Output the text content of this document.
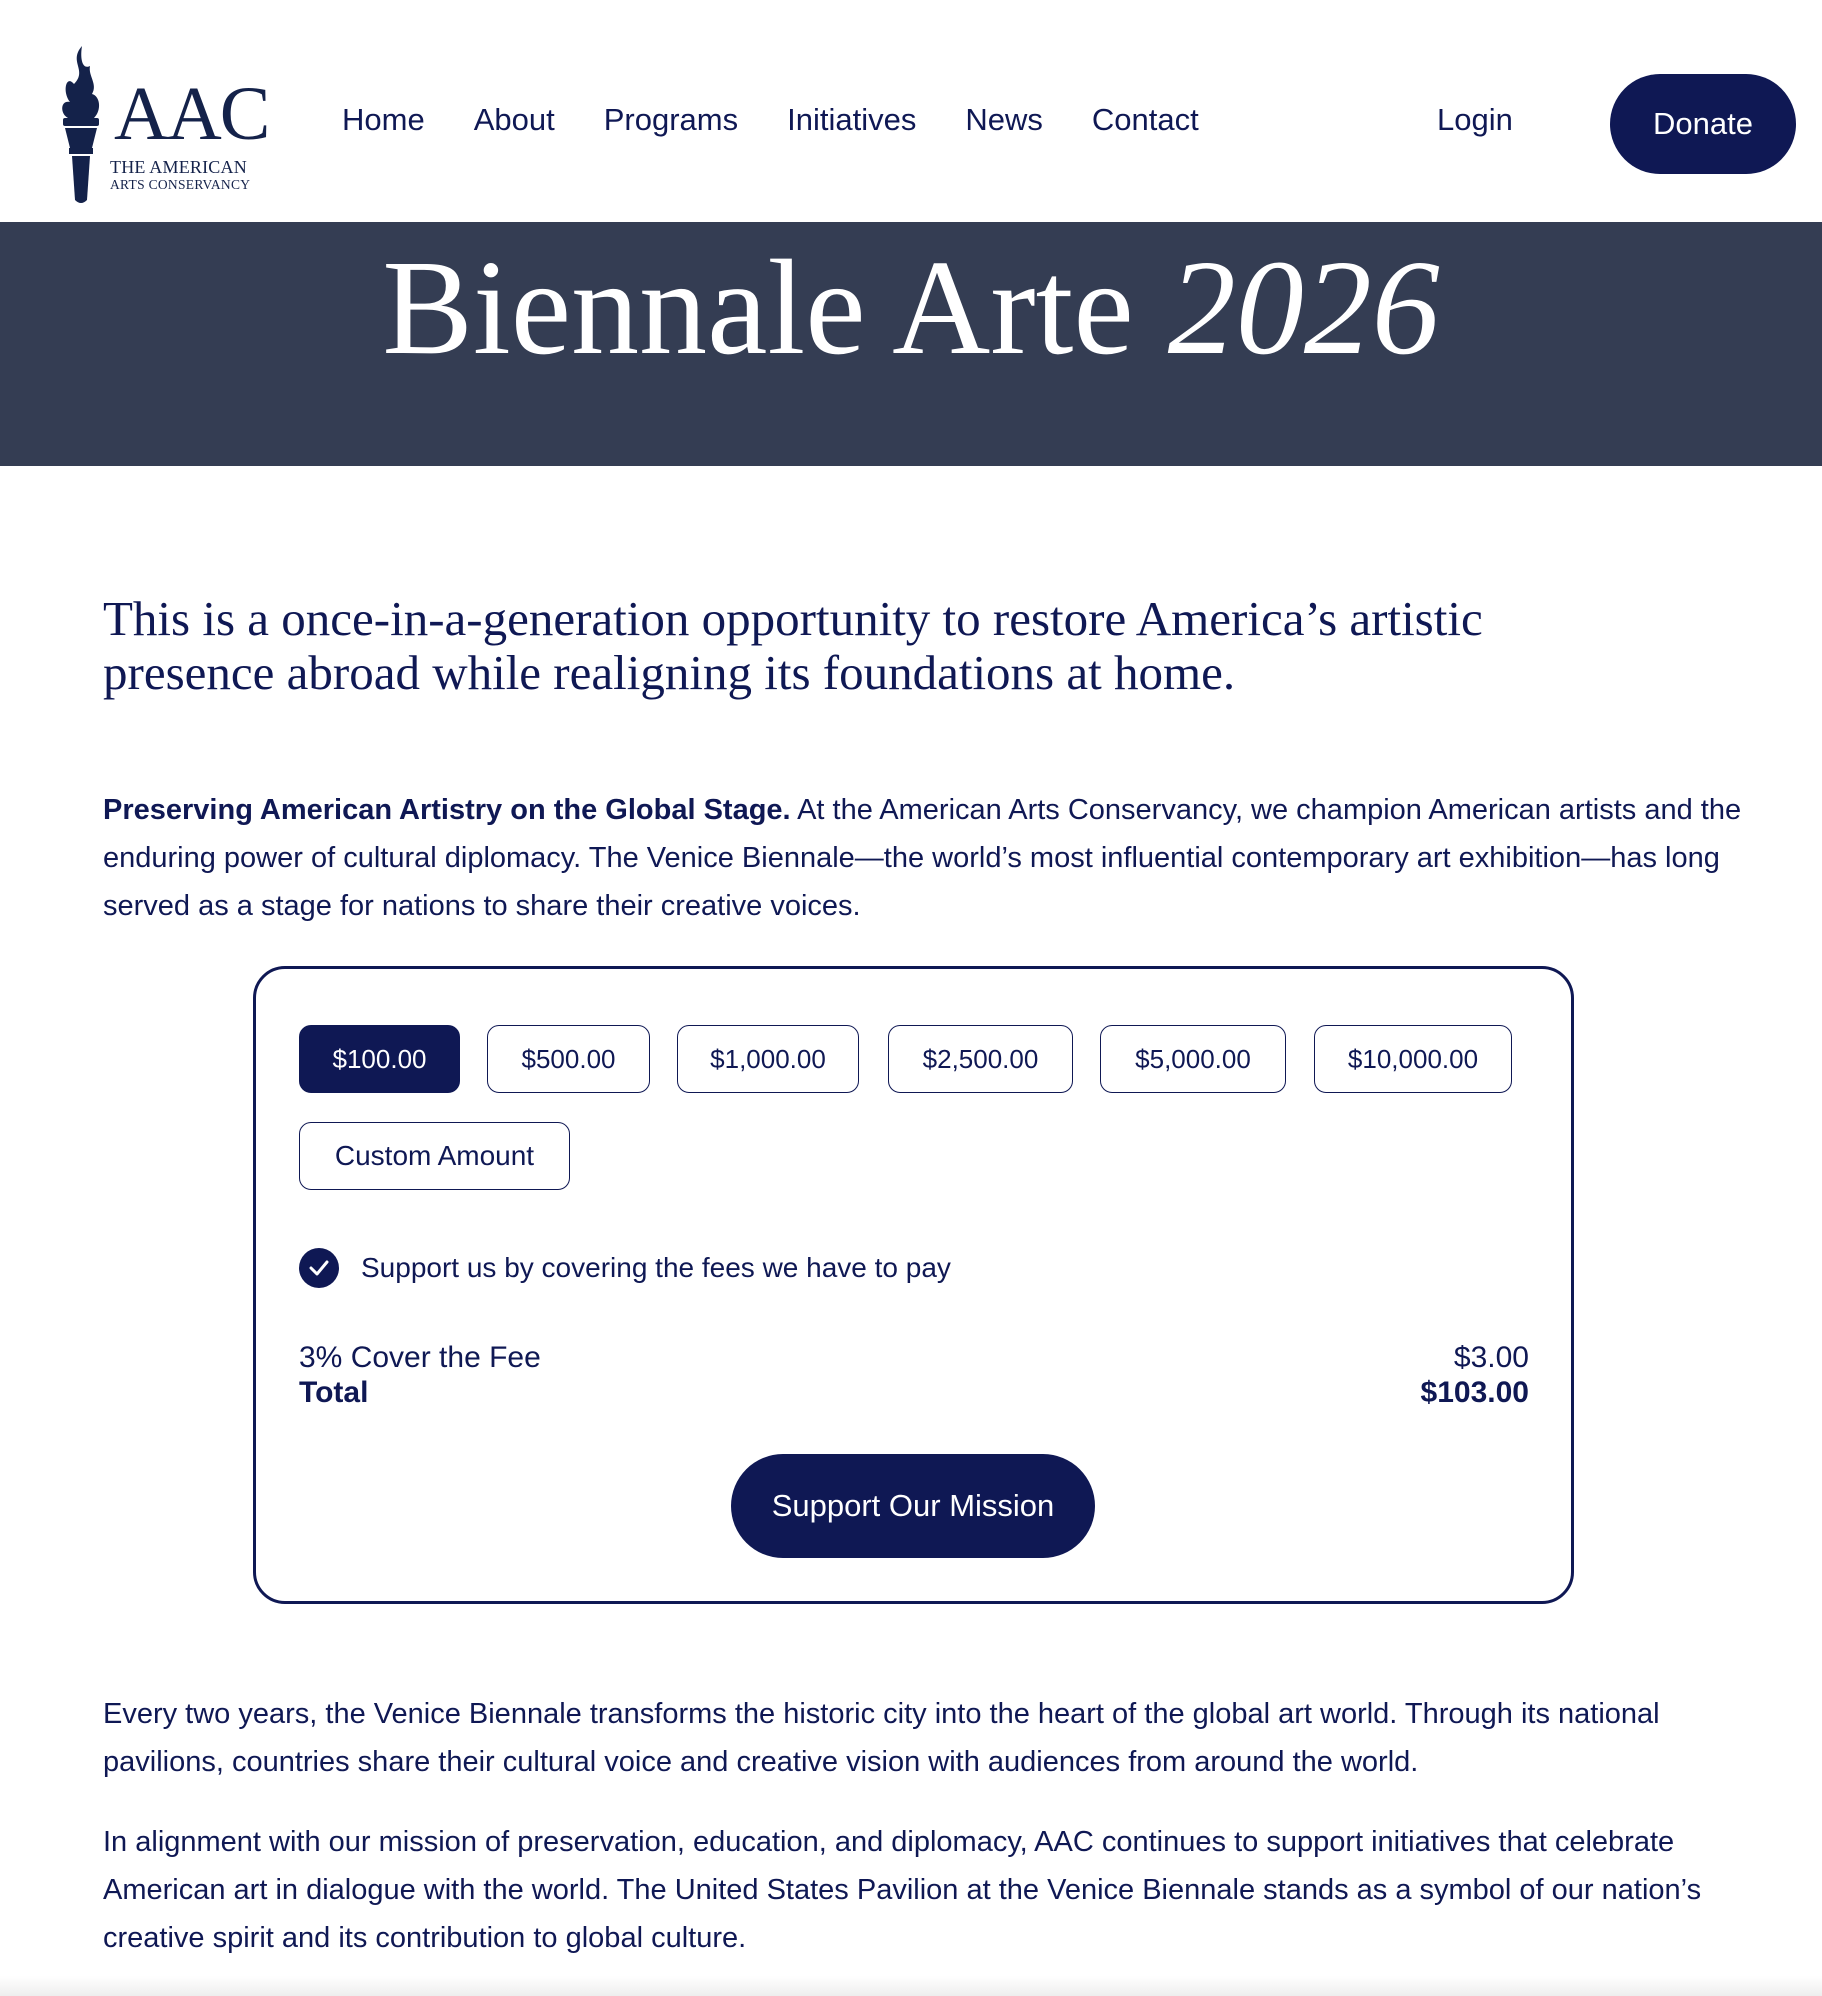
AAC
THE AMERICAN
ARTS CONSERVANCY
Home About Programs Initiatives News Contact	Login	Donate
Biennale Arte 2026

This is a once-in-a-generation opportunity to restore America’s artistic presence abroad while realigning its foundations at home.

Preserving American Artistry on the Global Stage. At the American Arts Conservancy, we champion American artists and the enduring power of cultural diplomacy. The Venice Biennale—the world’s most influential contemporary art exhibition—has long served as a stage for nations to share their creative voices.

$100.00	$500.00	$1,000.00	$2,500.00	$5,000.00	$10,000.00
Custom Amount
Support us by covering the fees we have to pay
3% Cover the Fee	$3.00
Total	$103.00
Support Our Mission

Every two years, the Venice Biennale transforms the historic city into the heart of the global art world. Through its national pavilions, countries share their cultural voice and creative vision with audiences from around the world.

In alignment with our mission of preservation, education, and diplomacy, AAC continues to support initiatives that celebrate American art in dialogue with the world. The United States Pavilion at the Venice Biennale stands as a symbol of our nation’s creative spirit and its contribution to global culture.
